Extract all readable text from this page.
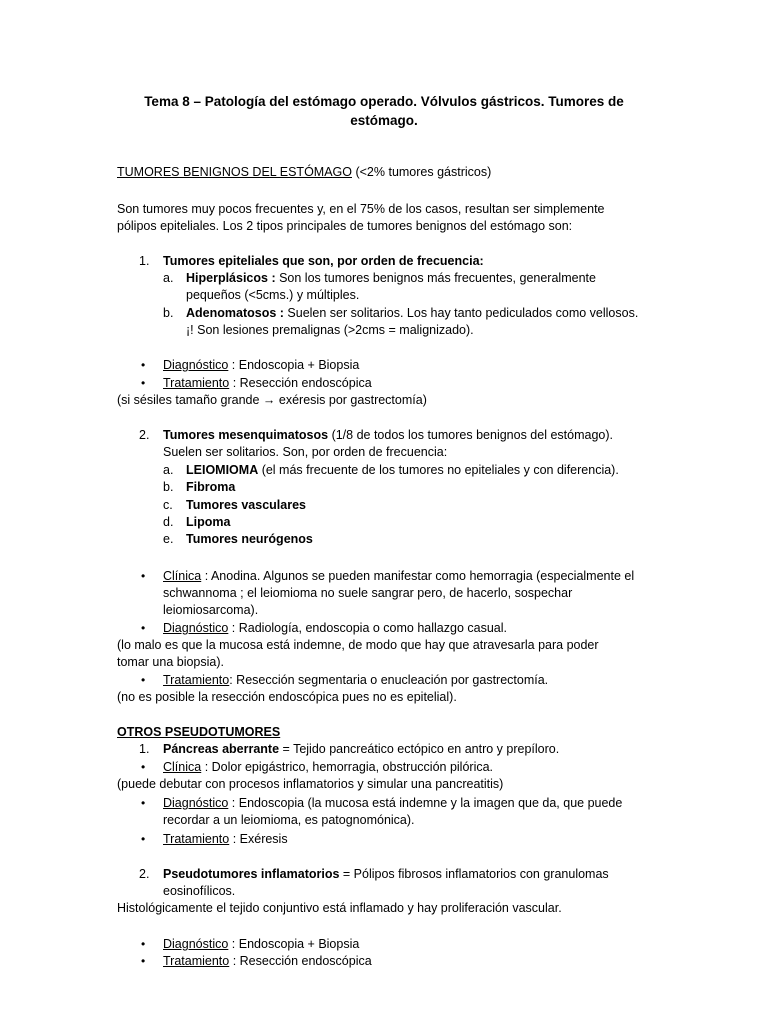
Tema 8 – Patología del estómago operado. Vólvulos gástricos. Tumores de
estómago.
TUMORES BENIGNOS DEL ESTÓMAGO (<2% tumores gástricos)
Son tumores muy pocos frecuentes y, en el 75% de los casos, resultan ser simplemente
pólipos epiteliales. Los 2 tipos principales de tumores benignos del estómago son:
1. Tumores epiteliales que son, por orden de frecuencia:
a. Hiperplásicos : Son los tumores benignos más frecuentes, generalmente
pequeños (<5cms.) y múltiples.
b. Adenomatosos : Suelen ser solitarios. Los hay tanto pediculados como vellosos.
¡! Son lesiones premalignas (>2cms = malignizado).
• Diagnóstico : Endoscopia + Biopsia
• Tratamiento : Resección endoscópica
(si sésiles tamaño grande → exéresis por gastrectomía)
2. Tumores mesenquimatosos (1/8 de todos los tumores benignos del estómago).
Suelen ser solitarios. Son, por orden de frecuencia:
a. LEIOMIOMA (el más frecuente de los tumores no epiteliales y con diferencia).
b. Fibroma
c. Tumores vasculares
d. Lipoma
e. Tumores neurógenos
• Clínica : Anodina. Algunos se pueden manifestar como hemorragia (especialmente el
schwannoma ; el leiomioma no suele sangrar pero, de hacerlo, sospechar
leiomiosarcoma).
• Diagnóstico : Radiología, endoscopia o como hallazgo casual.
(lo malo es que la mucosa está indemne, de modo que hay que atravesarla para poder
tomar una biopsia).
• Tratamiento: Resección segmentaria o enucleación por gastrectomía.
(no es posible la resección endoscópica pues no es epitelial).
OTROS PSEUDOTUMORES
1. Páncreas aberrante = Tejido pancreático ectópico en antro y prepíloro.
• Clínica : Dolor epigástrico, hemorragia, obstrucción pilórica.
(puede debutar con procesos inflamatorios y simular una pancreatitis)
• Diagnóstico : Endoscopia (la mucosa está indemne y la imagen que da, que puede
recordar a un leiomioma, es patognomónica).
• Tratamiento : Exéresis
2. Pseudotumores inflamatorios = Pólipos fibrosos inflamatorios con granulomas
eosinofílicos.
Histológicamente el tejido conjuntivo está inflamado y hay proliferación vascular.
• Diagnóstico : Endoscopia + Biopsia
• Tratamiento : Resección endoscópica
